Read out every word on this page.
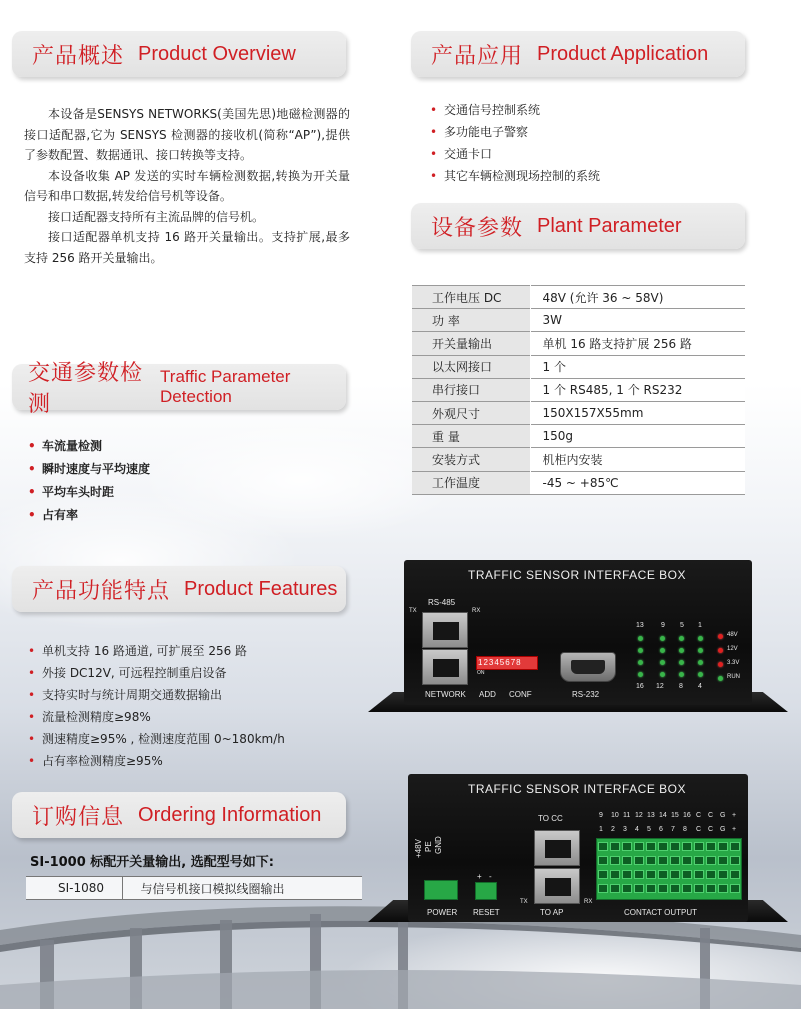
产品概述 Product Overview

本设备是SENSYS NETWORKS(美国先思)地磁检测器的接口适配器,它为 SENSYS 检测器的接收机(简称“AP”),提供了参数配置、数据通讯、接口转换等支持。

本设备收集 AP 发送的实时车辆检测数据,转换为开关量信号和串口数据,转发给信号机等设备。

接口适配器支持所有主流品牌的信号机。

接口适配器单机支持 16 路开关量输出。支持扩展,最多支持 256 路开关量输出。

产品应用 Product Application
• 交通信号控制系统
• 多功能电子警察
• 交通卡口
• 其它车辆检测现场控制的系统
设备参数 Plant Parameter
工作电压 DC	48V (允许 36 ~ 58V)

功 率	3W
开关量输出	单机 16 路支持扩展 256 路
以太网接口	1 个
串行接口	1 个 RS485, 1 个 RS232
外观尺寸	150X157X55mm

重 量	150g
安装方式	机柜内安装
工作温度	-45 ~ +85℃
交通参数检测
Traffic Parameter Detection
• 车流量检测
• 瞬时速度与平均速度
• 平均车头时距
• 占有率
产品功能特点 Product Features
• 单机支持 16 路通道, 可扩展至 256 路
• 外接 DC12V, 可远程控制重启设备
• 支持实时与统计周期交通数据输出
• 流量检测精度≥98%
• 测速精度≥95% , 检测速度范围 0~180km/h
• 占有率检测精度≥95%
订购信息 Ordering Information
SI-1000 标配开关量输出, 选配型号如下:
SI-1080	与信号机接口模拟线圈输出
TRAFFIC SENSOR INTERFACE BOX
RS-485
TX	RX
NETWORK
12345678
ON
ADD CONF	RS-232
13 9 5 1
16 12 8 4
48V
12V
3.3V
RUN
TRAFFIC SENSOR INTERFACE BOX
+48V PE GND
POWER
+ -
RESET
TO CC
TX	RX
TO AP
9 10 11 12 13 14 15 16 C C G +
1 2 3 4 5 6 7 8 C C G +
CONTACT OUTPUT
